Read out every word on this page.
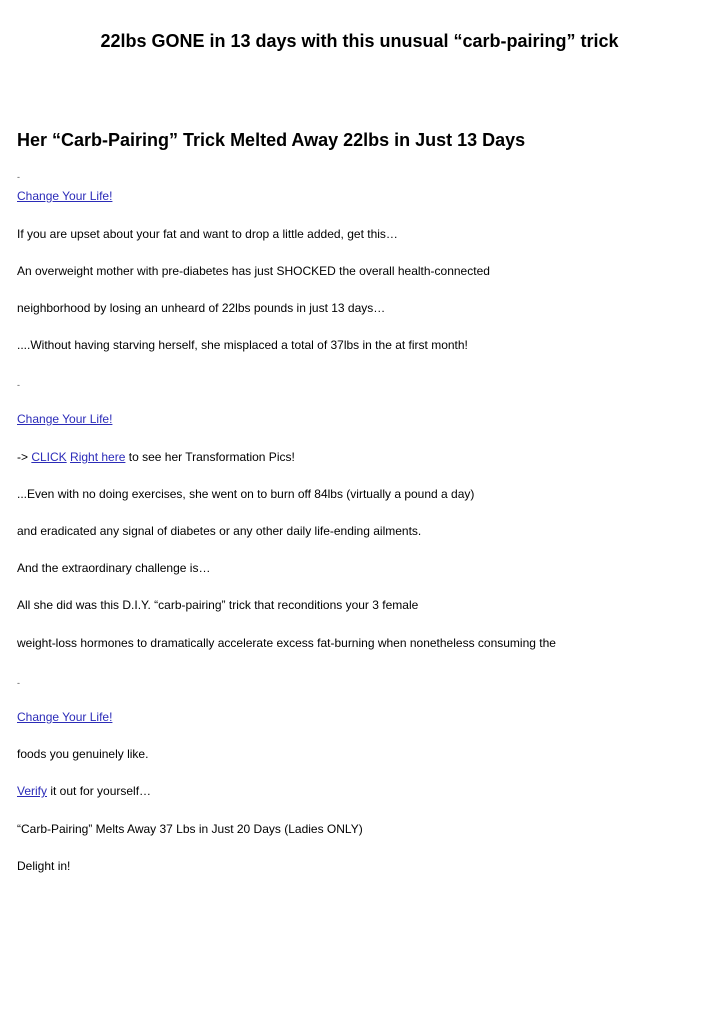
22lbs GONE in 13 days with this unusual “carb-pairing” trick
Her “Carb-Pairing” Trick Melted Away 22lbs in Just 13 Days
-
Change Your Life!
If you are upset about your fat and want to drop a little added, get this…
An overweight mother with pre-diabetes has just SHOCKED the overall health-connected
neighborhood by losing an unheard of 22lbs pounds in just 13 days…
....Without having starving herself, she misplaced a total of 37lbs in the at first month!
-
Change Your Life!
-> CLICK Right here to see her Transformation Pics!
...Even with no doing exercises, she went on to burn off 84lbs (virtually a pound a day)
and eradicated any signal of diabetes or any other daily life-ending ailments.
And the extraordinary challenge is…
All she did was this D.I.Y. “carb-pairing” trick that reconditions your 3 female
weight-loss hormones to dramatically accelerate excess fat-burning when nonetheless consuming the
-
Change Your Life!
foods you genuinely like.
Verify it out for yourself…
“Carb-Pairing” Melts Away 37 Lbs in Just 20 Days (Ladies ONLY)
Delight in!
